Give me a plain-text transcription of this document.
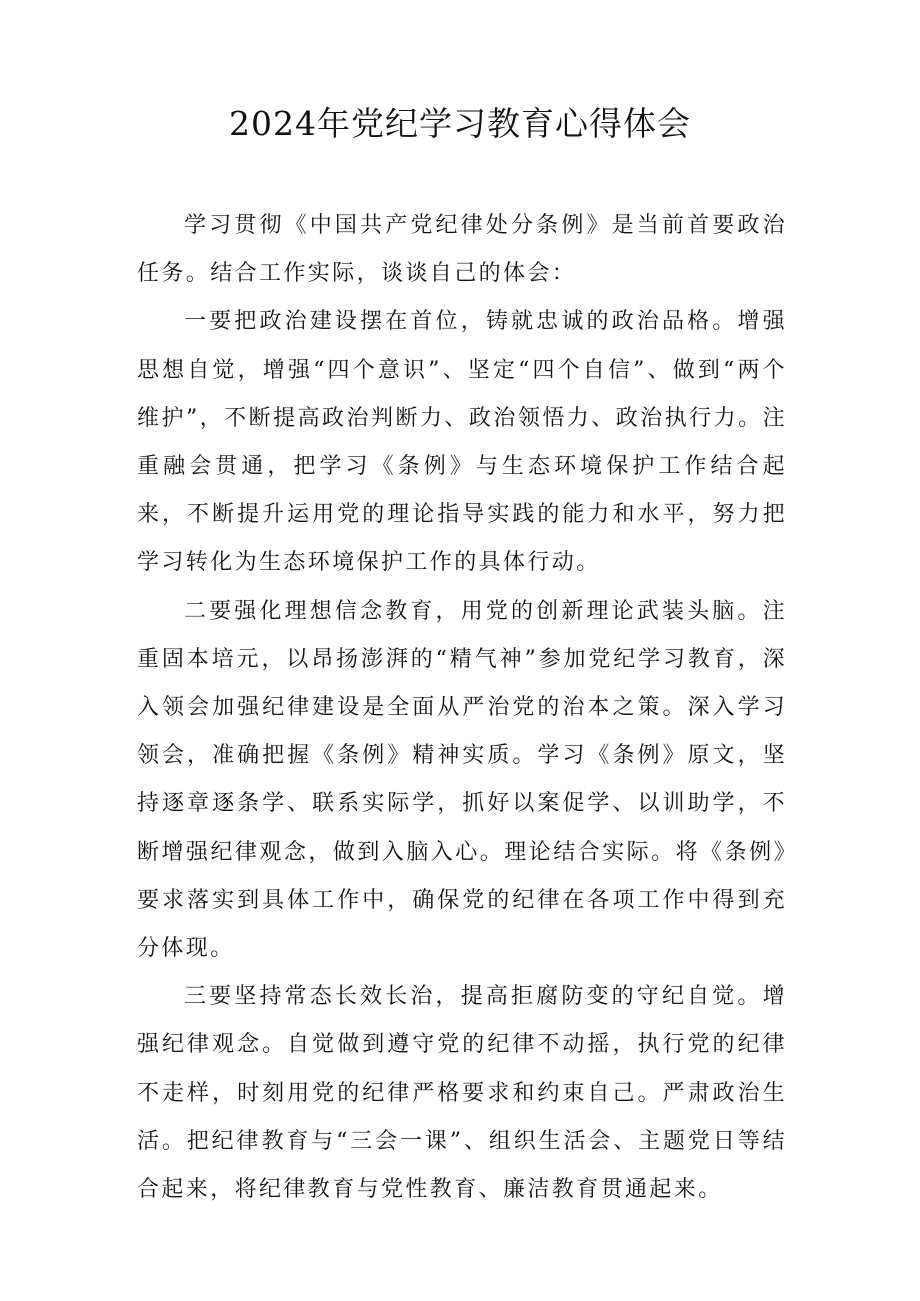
2024年党纪学习教育心得体会

学习贯彻《中国共产党纪律处分条例》是当前首要政治任务。结合工作实际，谈谈自己的体会：

一要把政治建设摆在首位，铸就忠诚的政治品格。增强思想自觉，增强“四个意识”、坚定“四个自信”、做到“两个维护”，不断提高政治判断力、政治领悟力、政治执行力。注重融会贯通，把学习《条例》与生态环境保护工作结合起来，不断提升运用党的理论指导实践的能力和水平，努力把学习转化为生态环境保护工作的具体行动。

二要强化理想信念教育，用党的创新理论武装头脑。注重固本培元，以昂扬澎湃的“精气神”参加党纪学习教育，深入领会加强纪律建设是全面从严治党的治本之策。深入学习领会，准确把握《条例》精神实质。学习《条例》原文，坚持逐章逐条学、联系实际学，抓好以案促学、以训助学，不断增强纪律观念，做到入脑入心。理论结合实际。将《条例》要求落实到具体工作中，确保党的纪律在各项工作中得到充分体现。

三要坚持常态长效长治，提高拒腐防变的守纪自觉。增强纪律观念。自觉做到遵守党的纪律不动摇，执行党的纪律不走样，时刻用党的纪律严格要求和约束自己。严肃政治生活。把纪律教育与“三会一课”、组织生活会、主题党日等结合起来，将纪律教育与党性教育、廉洁教育贯通起来。
